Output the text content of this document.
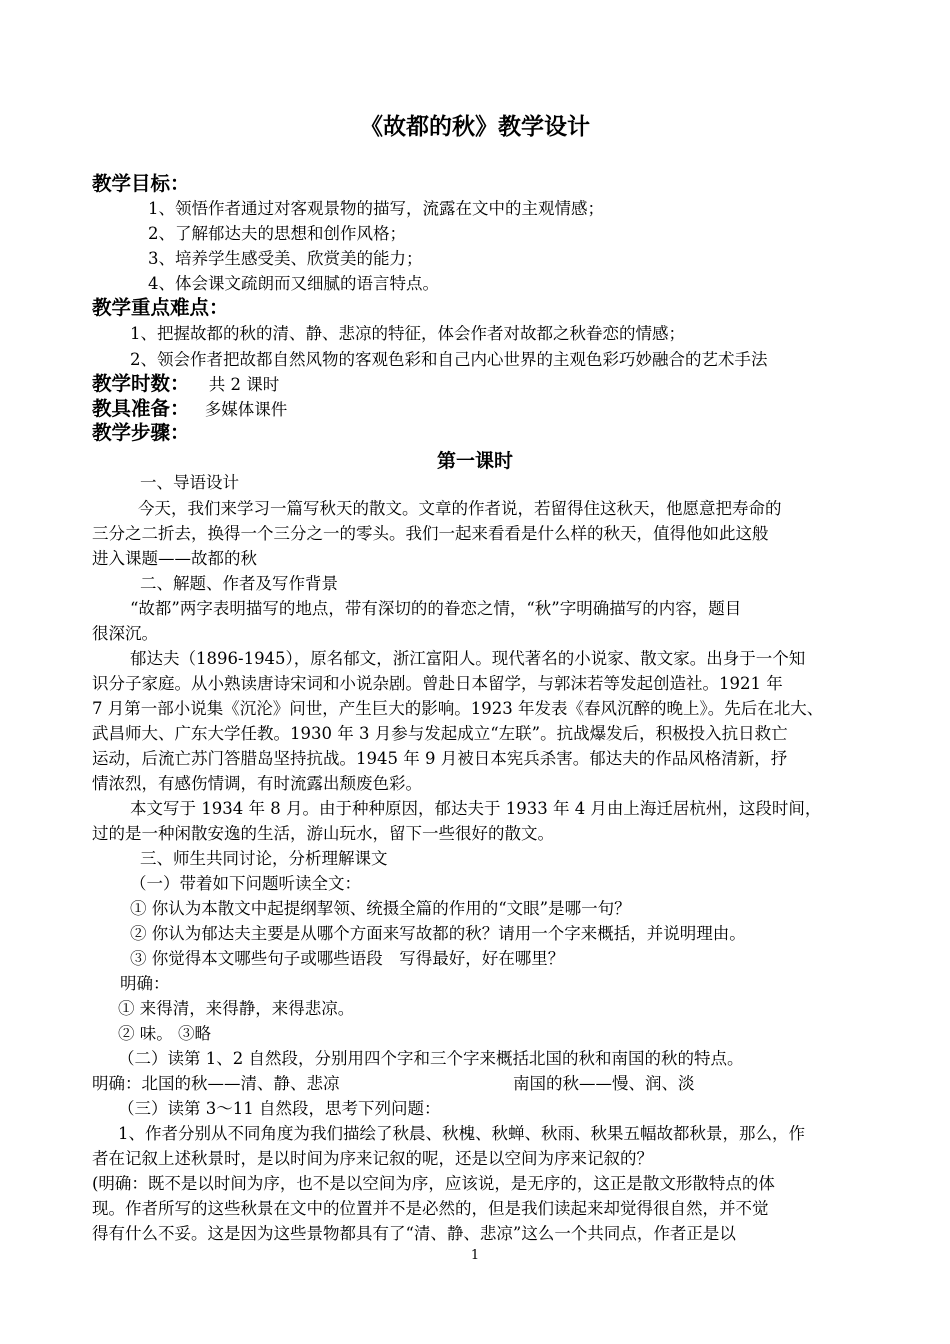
《故都的秋》教学设计
教学目标：
1、领悟作者通过对客观景物的描写，流露在文中的主观情感；
2、了解郁达夫的思想和创作风格；
3、培养学生感受美、欣赏美的能力；
4、体会课文疏朗而又细腻的语言特点。
教学重点难点：
1、把握故都的秋的清、静、悲凉的特征，体会作者对故都之秋眷恋的情感；
2、领会作者把故都自然风物的客观色彩和自己内心世界的主观色彩巧妙融合的艺术手法
教学时数： 共 2 课时
教具准备： 多媒体课件
教学步骤：
第一课时
一、导语设计
今天，我们来学习一篇写秋天的散文。文章的作者说，若留得住这秋天，他愿意把寿命的
三分之二折去，换得一个三分之一的零头。我们一起来看看是什么样的秋天，值得他如此这般
进入课题——故都的秋
二、解题、作者及写作背景
“故都”两字表明描写的地点，带有深切的的眷恋之情，“秋”字明确描写的内容，题目
很深沉。
郁达夫（1896-1945），原名郁文，浙江富阳人。现代著名的小说家、散文家。出身于一个知
识分子家庭。从小熟读唐诗宋词和小说杂剧。曾赴日本留学，与郭沫若等发起创造社。1921 年
7 月第一部小说集《沉沦》问世，产生巨大的影响。1923 年发表《春风沉醉的晚上》。先后在北大、
武昌师大、广东大学任教。1930 年 3 月参与发起成立“左联”。抗战爆发后，积极投入抗日救亡
运动，后流亡苏门答腊岛坚持抗战。1945 年 9 月被日本宪兵杀害。郁达夫的作品风格清新，抒
情浓烈，有感伤情调，有时流露出颓废色彩。
本文写于 1934 年 8 月。由于种种原因，郁达夫于 1933 年 4 月由上海迁居杭州，这段时间，
过的是一种闲散安逸的生活，游山玩水，留下一些很好的散文。
三、师生共同讨论，分析理解课文
（一）带着如下问题听读全文：
① 你认为本散文中起提纲挈领、统摄全篇的作用的“文眼”是哪一句？
② 你认为郁达夫主要是从哪个方面来写故都的秋？请用一个字来概括，并说明理由。
③ 你觉得本文哪些句子或哪些语段　写得最好，好在哪里？
明确：
① 来得清，来得静，来得悲凉。
② 味。 ③略
（二）读第 1、2 自然段，分别用四个字和三个字来概括北国的秋和南国的秋的特点。
明确：北国的秋——清、静、悲凉	南国的秋——慢、润、淡
（三）读第 3～11 自然段，思考下列问题：
1、作者分别从不同角度为我们描绘了秋晨、秋槐、秋蝉、秋雨、秋果五幅故都秋景，那么，作
者在记叙上述秋景时，是以时间为序来记叙的呢，还是以空间为序来记叙的？
(明确：既不是以时间为序，也不是以空间为序，应该说，是无序的，这正是散文形散特点的体
现。作者所写的这些秋景在文中的位置并不是必然的，但是我们读起来却觉得很自然，并不觉
得有什么不妥。这是因为这些景物都具有了“清、静、悲凉”这么一个共同点，作者正是以
1
